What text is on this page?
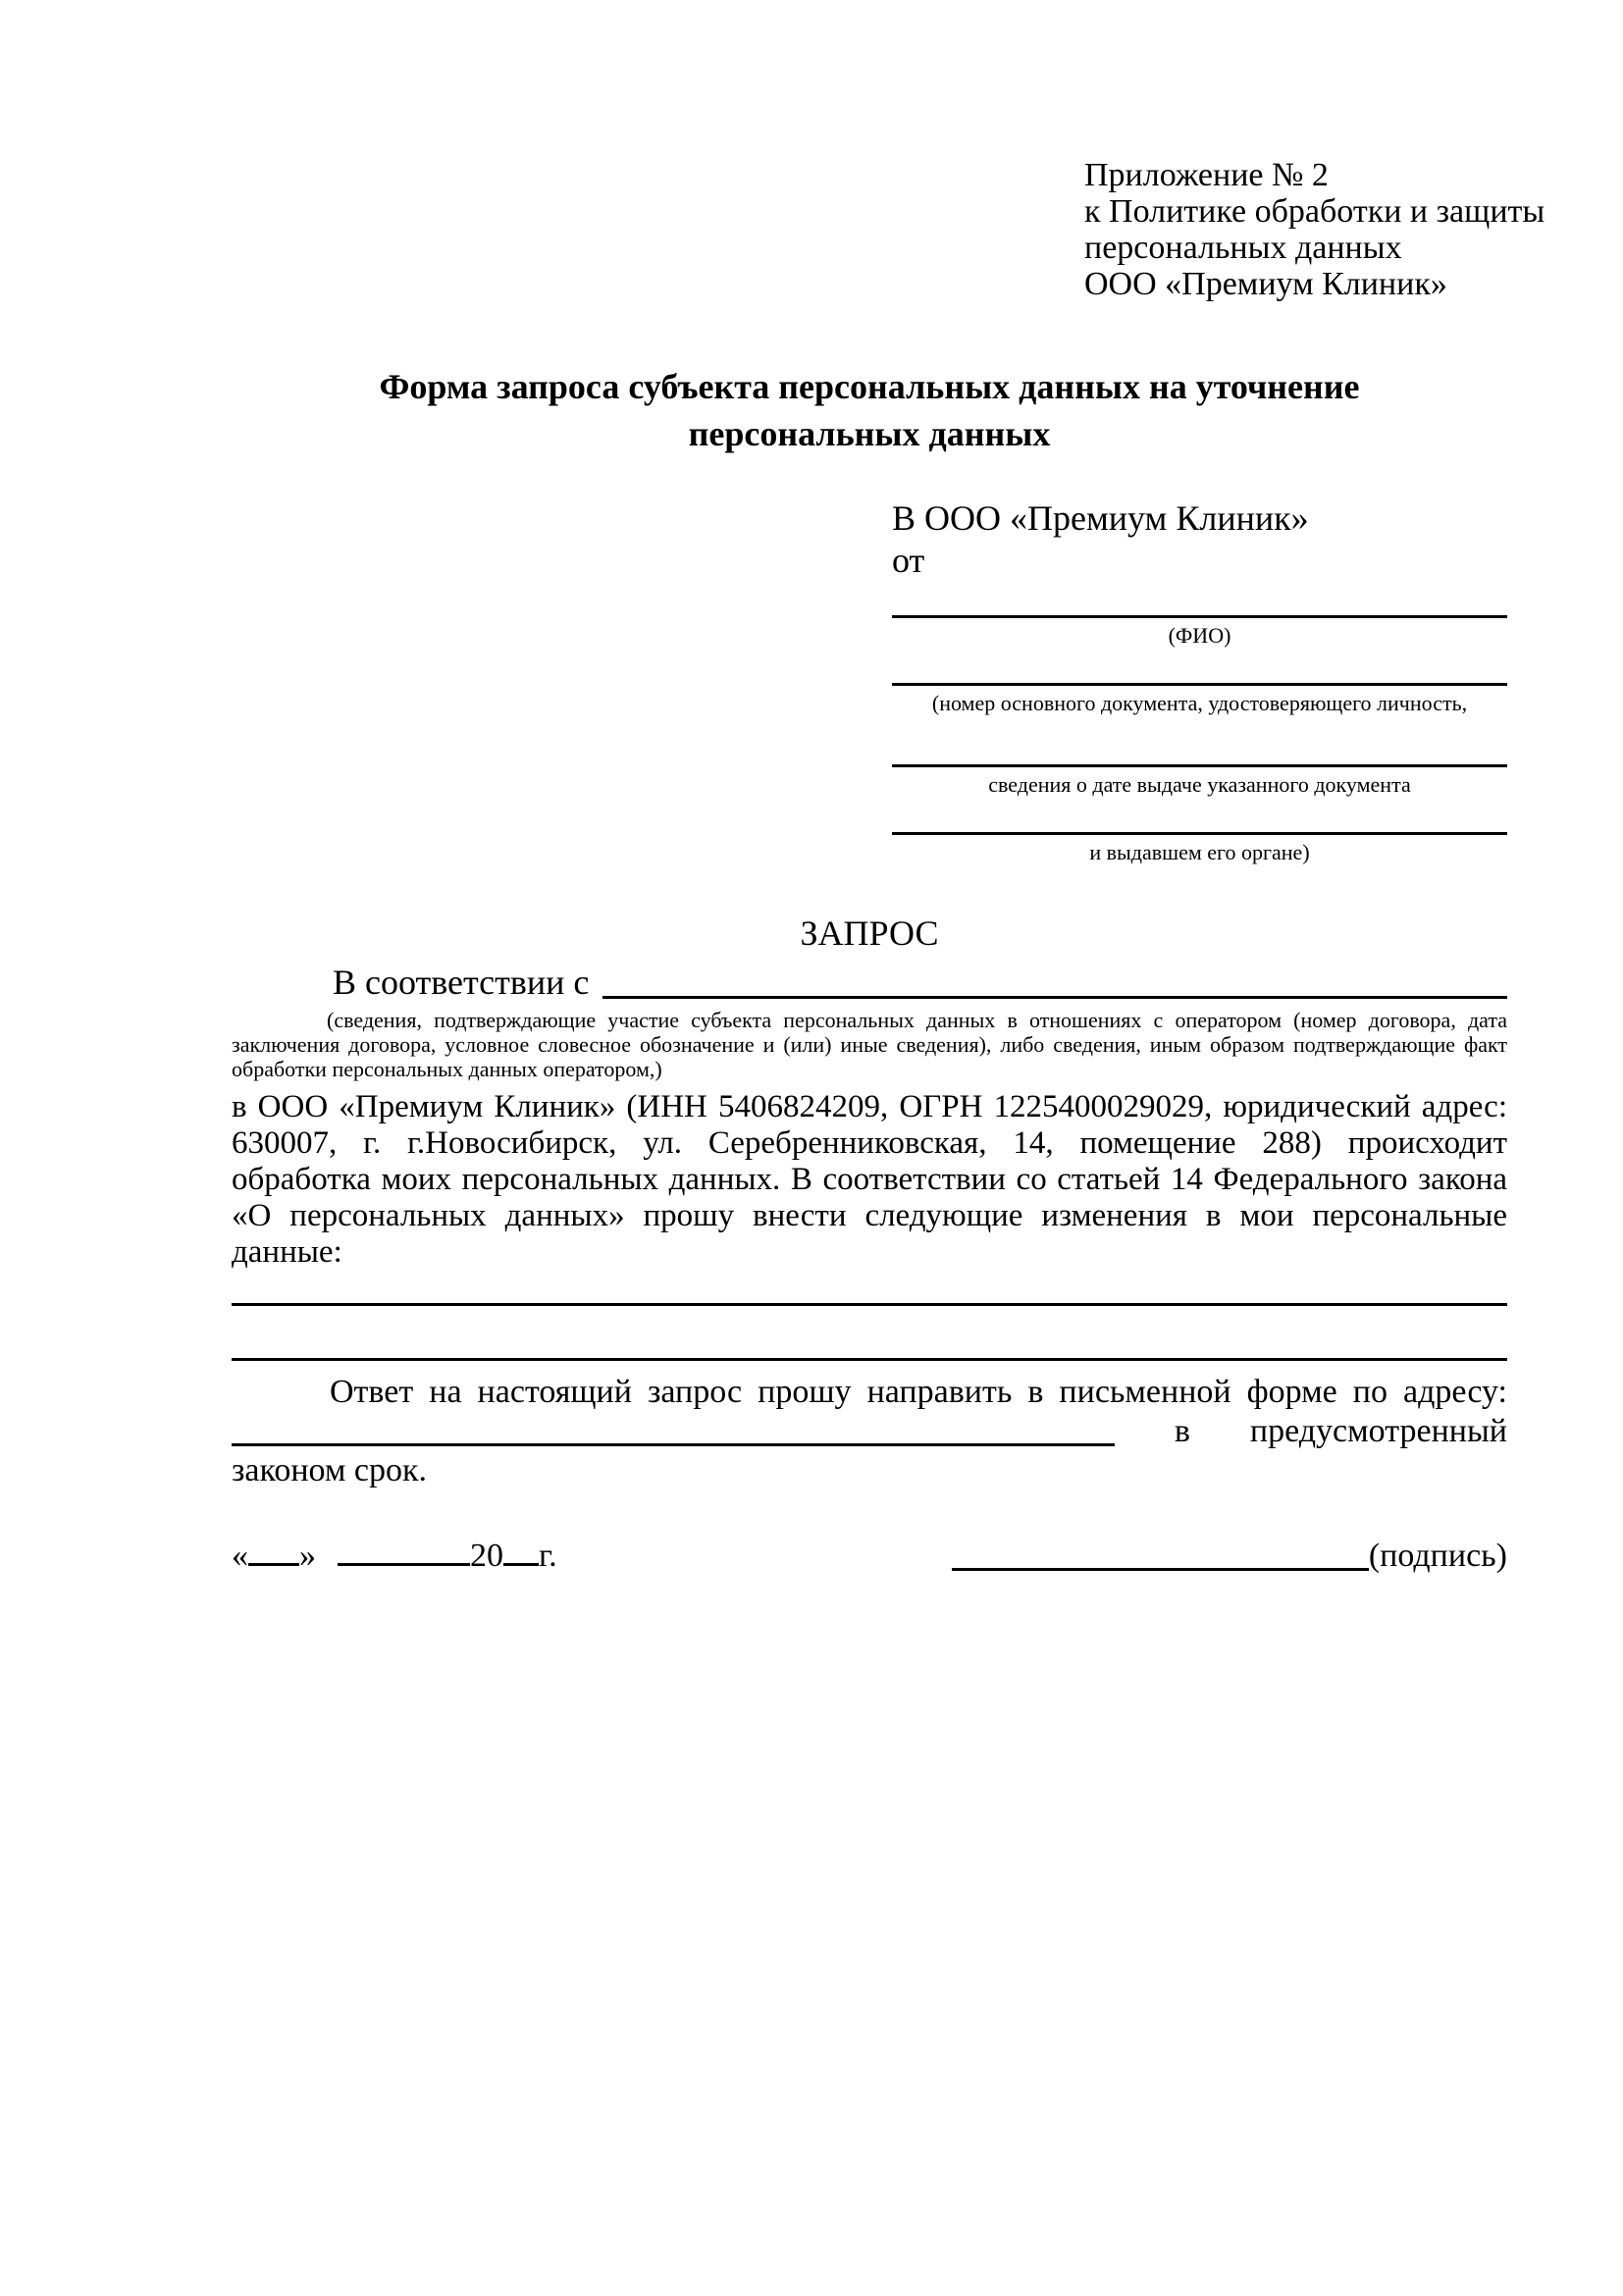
Приложение № 2
к Политике обработки и защиты
персональных данных
ООО «Премиум Клиник»
Форма запроса субъекта персональных данных на уточнение
персональных данных
В ООО «Премиум Клиник»
от
(ФИО)
(номер основного документа, удостоверяющего личность,
сведения о дате выдаче указанного документа
и выдавшем его органе)
ЗАПРОС
В соответствии с
(сведения, подтверждающие участие субъекта персональных данных в отношениях с оператором (номер договора, дата заключения договора, условное словесное обозначение и (или) иные сведения), либо сведения, иным образом подтверждающие факт обработки персональных данных оператором,)
в ООО «Премиум Клиник» (ИНН 5406824209, ОГРН 1225400029029, юридический адрес: 630007, г. г.Новосибирск, ул. Серебренниковская, 14, помещение 288) происходит обработка моих персональных данных. В соответствии со статьей 14 Федерального закона «О персональных данных» прошу внести следующие изменения в мои персональные данные:
Ответ на настоящий запрос прошу направить в письменной форме по адресу:
в предусмотренный
законом срок.
« »	20 г.	(подпись)
